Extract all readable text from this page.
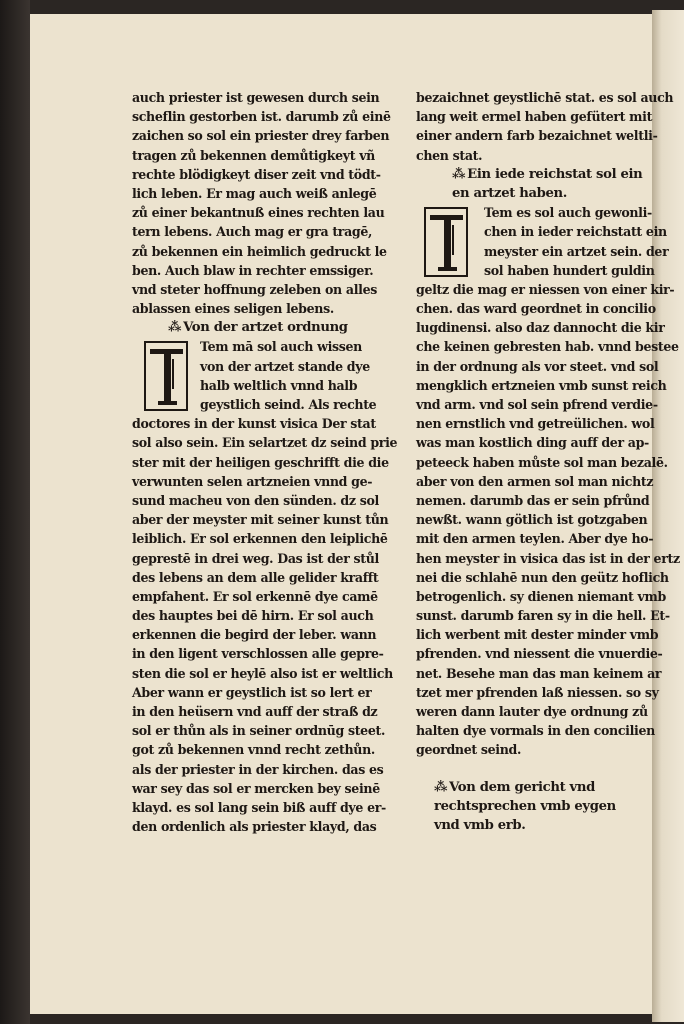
auch priester ist gewesen durch sein
scheflin gestorben ist. darumb zů einē
zaichen so sol ein priester drey farben
tragen zů bekennen demůtigkeyt vñ
rechte blödigkeyt diser zeit vnd tödt-
lich leben. Er mag auch weiß anlegē
zů einer bekantnuß eines rechten lau
tern lebens. Auch mag er gra tragē,
zů bekennen ein heimlich gedruckt le
ben. Auch blaw in rechter emssiger.
vnd steter hoffnung zeleben on alles
ablassen eines seligen lebens.
⁂ Von der artzet ordnung
Tem mā sol auch wissen
von der artzet stande dye
halb weltlich vnnd halb
geystlich seind. Als rechte
doctores in der kunst visica Der stat
sol also sein. Ein selartzet dz seind prie
ster mit der heiligen geschrifft die die
verwunten selen artzneien vnnd ge-
sund macheu von den sünden. dz sol
aber der meyster mit seiner kunst tůn
leiblich. Er sol erkennen den leiplichē
geprestē in drei weg. Das ist der stůl
des lebens an dem alle gelider krafft
empfahent. Er sol erkennē dye camē
des hauptes bei dē hirn. Er sol auch
erkennen die begird der leber. wann
in den ligent verschlossen alle gepre-
sten die sol er heylē also ist er weltlich
Aber wann er geystlich ist so lert er
in den heüsern vnd auff der straß dz
sol er thůn als in seiner ordnūg steet.
got zů bekennen vnnd recht zethůn.
als der priester in der kirchen. das es
war sey das sol er mercken bey seinē
klayd. es sol lang sein biß auff dye er-
den ordenlich als priester klayd, das
bezaichnet geystlichē stat. es sol auch
lang weit ermel haben gefütert mit
einer andern farb bezaichnet weltli-
chen stat.
⁂ Ein iede reichstat sol ein
en artzet haben.
Tem es sol auch gewonli-
chen in ieder reichstatt ein
meyster ein artzet sein. der
sol haben hundert guldin
geltz die mag er niessen von einer kir-
chen. das ward geordnet in concilio
lugdinensi. also daz dannocht die kir
che keinen gebresten hab. vnnd bestee
in der ordnung als vor steet. vnd sol
mengklich ertzneien vmb sunst reich
vnd arm. vnd sol sein pfrend verdie-
nen ernstlich vnd getreülichen. wol
was man kostlich ding auff der ap-
peteeck haben můste sol man bezalē.
aber von den armen sol man nichtz
nemen. darumb das er sein pfrůnd
newßt. wann götlich ist gotzgaben
mit den armen teylen. Aber dye ho-
hen meyster in visica das ist in der ertz
nei die schlahē nun den geütz hoflich
betrogenlich. sy dienen niemant vmb
sunst. darumb faren sy in die hell. Et-
lich werbent mit dester minder vmb
pfrenden. vnd niessent die vnuerdie-
net. Besehe man das man keinem ar
tzet mer pfrenden laß niessen. so sy
weren dann lauter dye ordnung zů
halten dye vormals in den concilien
geordnet seind.
⁂ Von dem gericht vnd
rechtsprechen vmb eygen
vnd vmb erb.
